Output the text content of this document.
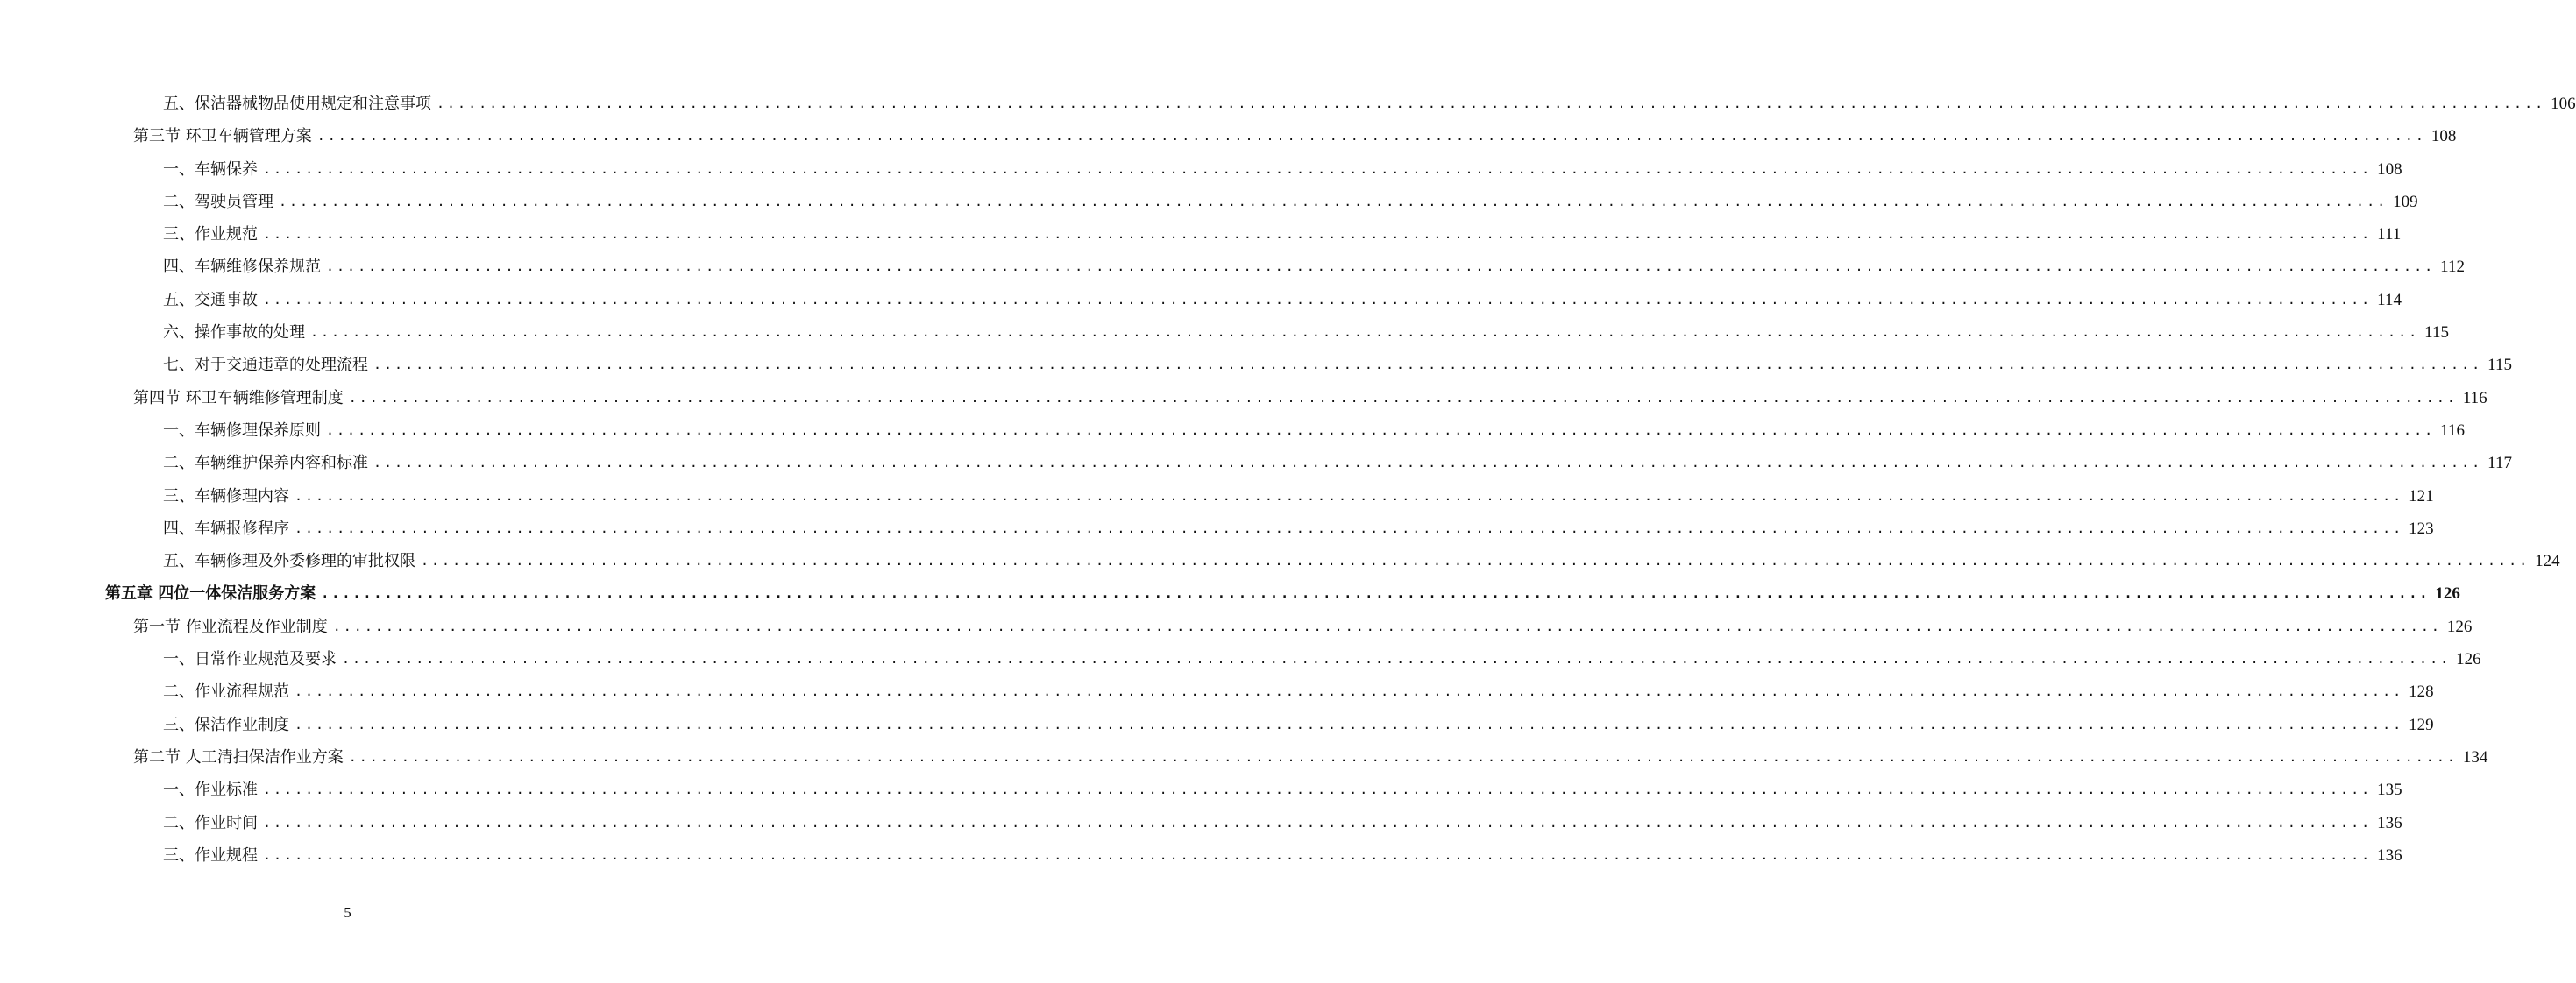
五、保洁器械物品使用规定和注意事项 ........................................................................................................................................................................................................ 106
第三节 环卫车辆管理方案 ........................................................................................................................................................................................................ 108
一、车辆保养 ........................................................................................................................................................................................................ 108
二、驾驶员管理 ........................................................................................................................................................................................................ 109
三、作业规范 ........................................................................................................................................................................................................ 111
四、车辆维修保养规范 ........................................................................................................................................................................................................ 112
五、交通事故 ........................................................................................................................................................................................................ 114
六、操作事故的处理 ........................................................................................................................................................................................................ 115
七、对于交通违章的处理流程 ........................................................................................................................................................................................................ 115
第四节 环卫车辆维修管理制度 ........................................................................................................................................................................................................ 116
一、车辆修理保养原则 ........................................................................................................................................................................................................ 116
二、车辆维护保养内容和标准 ........................................................................................................................................................................................................ 117
三、车辆修理内容 ........................................................................................................................................................................................................ 121
四、车辆报修程序 ........................................................................................................................................................................................................ 123
五、车辆修理及外委修理的审批权限 ........................................................................................................................................................................................................ 124
第五章 四位一体保洁服务方案 ........................................................................................................................................................................................................ 126
第一节 作业流程及作业制度 ........................................................................................................................................................................................................ 126
一、日常作业规范及要求 ........................................................................................................................................................................................................ 126
二、作业流程规范 ........................................................................................................................................................................................................ 128
三、保洁作业制度 ........................................................................................................................................................................................................ 129
第二节 人工清扫保洁作业方案 ........................................................................................................................................................................................................ 134
一、作业标准 ........................................................................................................................................................................................................ 135
二、作业时间 ........................................................................................................................................................................................................ 136
三、作业规程 ........................................................................................................................................................................................................ 136
5
